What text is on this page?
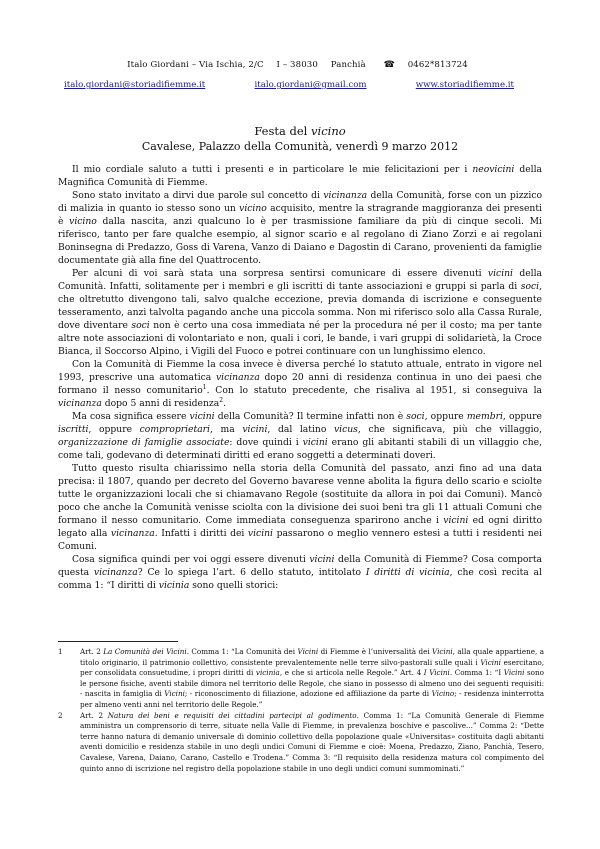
Italo Giordani – Via Ischia, 2/C I – 38030 Panchià ☎ 0462*813724
italo.giordani@storiadifiemme.it	italo.giordani@gmail.com	www.storiadifiemme.it
Festa del vicino
Cavalese, Palazzo della Comunità, venerdì 9 marzo 2012

Il mio cordiale saluto a tutti i presenti e in particolare le mie felicitazioni per i neovicini della Magnifica Comunità di Fiemme.

Sono stato invitato a dirvi due parole sul concetto di vicinanza della Comunità, forse con un pizzico di malizia in quanto io stesso sono un vicino acquisito, mentre la stragrande maggioranza dei presenti è vicino dalla nascita, anzi qualcuno lo è per trasmissione familiare da più di cinque secoli. Mi riferisco, tanto per fare qualche esempio, al signor scario e al regolano di Ziano Zorzi e ai regolani Boninsegna di Predazzo, Goss di Varena, Vanzo di Daiano e Dagostin di Carano, provenienti da famiglie documentate già alla fine del Quattrocento.

Per alcuni di voi sarà stata una sorpresa sentirsi comunicare di essere divenuti vicini della Comunità. Infatti, solitamente per i membri e gli iscritti di tante associazioni e gruppi si parla di soci, che oltretutto divengono tali, salvo qualche eccezione, previa domanda di iscrizione e conseguente tesseramento, anzi talvolta pagando anche una piccola somma. Non mi riferisco solo alla Cassa Rurale, dove diventare soci non è certo una cosa immediata né per la procedura né per il costo; ma per tante altre note associazioni di volontariato e non, quali i cori, le bande, i vari gruppi di solidarietà, la Croce Bianca, il Soccorso Alpino, i Vigili del Fuoco e potrei continuare con un lunghissimo elenco.

Con la Comunità di Fiemme la cosa invece è diversa perché lo statuto attuale, entrato in vigore nel 1993, prescrive una automatica vicinanza dopo 20 anni di residenza continua in uno dei paesi che formano il nesso comunitario$^1$. Con lo statuto precedente, che risaliva al 1951, si conseguiva la vicinanza dopo 5 anni di residenza$^2$.

Ma cosa significa essere vicini della Comunità? Il termine infatti non è soci, oppure membri, oppure iscritti, oppure comproprietari, ma vicini, dal latino vicus, che significava, più che villaggio, organizzazione di famiglie associate: dove quindi i vicini erano gli abitanti stabili di un villaggio che, come tali, godevano di determinati diritti ed erano soggetti a determinati doveri.

Tutto questo risulta chiarissimo nella storia della Comunità del passato, anzi fino ad una data precisa: il 1807, quando per decreto del Governo bavarese venne abolita la figura dello scario e sciolte tutte le organizzazioni locali che si chiamavano Regole (sostituite da allora in poi dai Comuni). Mancò poco che anche la Comunità venisse sciolta con la divisione dei suoi beni tra gli 11 attuali Comuni che formano il nesso comunitario. Come immediata conseguenza sparirono anche i vicini ed ogni diritto legato alla vicinanza. Infatti i diritti dei vicini passarono o meglio vennero estesi a tutti i residenti nei Comuni.

Cosa significa quindi per voi oggi essere divenuti vicini della Comunità di Fiemme? Cosa comporta questa vicinanza? Ce lo spiega l’art. 6 dello statuto, intitolato I diritti di vicinia, che così recita al comma 1: “I diritti di vicinia sono quelli storici:

1	Art. 2 La Comunità dei Vicini. Comma 1: “La Comunità dei Vicini di Fiemme è l’universalità dei Vicini, alla quale appartiene, a titolo originario, il patrimonio collettivo, consistente prevalentemente nelle terre silvo-pastorali sulle quali i Vicini esercitano, per consolidata consuetudine, i propri diritti di vicinia, e che si articola nelle Regole.” Art. 4 I Vicini. Comma 1: “I Vicini sono le persone fisiche, aventi stabile dimora nel territorio delle Regole, che siano in possesso di almeno uno dei seguenti requisiti: - nascita in famiglia di Vicini; - riconoscimento di filiazione, adozione ed affiliazione da parte di Vicino; - residenza ininterrotta per almeno venti anni nel territorio delle Regole.”
2	Art. 2 Natura dei beni e requisiti dei cittadini partecipi al godimento. Comma 1: “La Comunità Generale di Fiemme amministra un comprensorio di terre, situate nella Valle di Fiemme, in prevalenza boschive e pascolive...” Comma 2: “Dette terre hanno natura di demanio universale di dominio collettivo della popolazione quale «Universitas» costituita dagli abitanti aventi domicilio e residenza stabile in uno degli undici Comuni di Fiemme e cioè: Moena, Predazzo, Ziano, Panchià, Tesero, Cavalese, Varena, Daiano, Carano, Castello e Trodena.” Comma 3: “Il requisito della residenza matura col compimento del quinto anno di iscrizione nel registro della popolazione stabile in uno degli undici comuni summominati.”
